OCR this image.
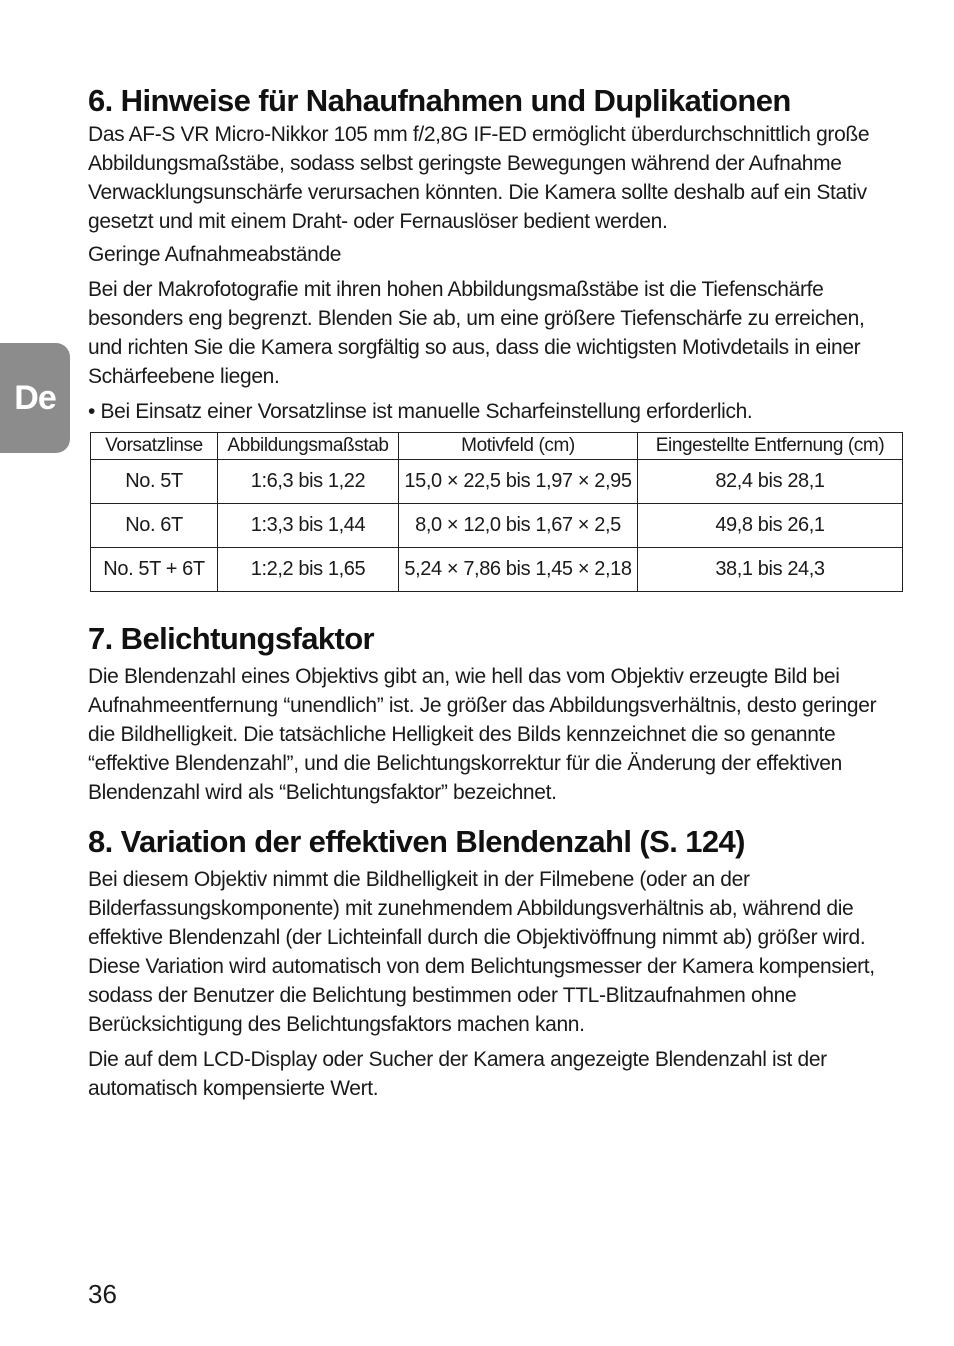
De
6. Hinweise für Nahaufnahmen und Duplikationen

Das AF-S VR Micro-Nikkor 105 mm f/2,8G IF-ED ermöglicht überdurchschnittlich große Abbildungsmaßstäbe, sodass selbst geringste Bewegungen während der Aufnahme Verwacklungsunschärfe verursachen könnten. Die Kamera sollte deshalb auf ein Stativ gesetzt und mit einem Draht- oder Fernauslöser bedient werden.

Geringe Aufnahmeabstände

Bei der Makrofotografie mit ihren hohen Abbildungsmaßstäbe ist die Tiefenschärfe besonders eng begrenzt. Blenden Sie ab, um eine größere Tiefenschärfe zu erreichen, und richten Sie die Kamera sorgfältig so aus, dass die wichtigsten Motivdetails in einer Schärfeebene liegen.

• Bei Einsatz einer Vorsatzlinse ist manuelle Scharfeinstellung erforderlich.

Vorsatzlinse	Abbildungsmaßstab	Motivfeld (cm)	Eingestellte Entfernung (cm)
No. 5T	1:6,3 bis 1,22	15,0 × 22,5 bis 1,97 × 2,95	82,4 bis 28,1
No. 6T	1:3,3 bis 1,44	8,0 × 12,0 bis 1,67 × 2,5	49,8 bis 26,1
No. 5T + 6T	1:2,2 bis 1,65	5,24 × 7,86 bis 1,45 × 2,18	38,1 bis 24,3
7. Belichtungsfaktor

Die Blendenzahl eines Objektivs gibt an, wie hell das vom Objektiv erzeugte Bild bei Aufnahmeentfernung “unendlich” ist. Je größer das Abbildungsverhältnis, desto geringer die Bildhelligkeit. Die tatsächliche Helligkeit des Bilds kennzeichnet die so genannte “effektive Blendenzahl”, und die Belichtungskorrektur für die Änderung der effektiven Blendenzahl wird als “Belichtungsfaktor” bezeichnet.

8. Variation der effektiven Blendenzahl (S. 124)

Bei diesem Objektiv nimmt die Bildhelligkeit in der Filmebene (oder an der Bilderfassungskomponente) mit zunehmendem Abbildungsverhältnis ab, während die effektive Blendenzahl (der Lichteinfall durch die Objektivöffnung nimmt ab) größer wird. Diese Variation wird automatisch von dem Belichtungsmesser der Kamera kompensiert, sodass der Benutzer die Belichtung bestimmen oder TTL-Blitzaufnahmen ohne Berücksichtigung des Belichtungsfaktors machen kann.

Die auf dem LCD-Display oder Sucher der Kamera angezeigte Blendenzahl ist der automatisch kompensierte Wert.

36
